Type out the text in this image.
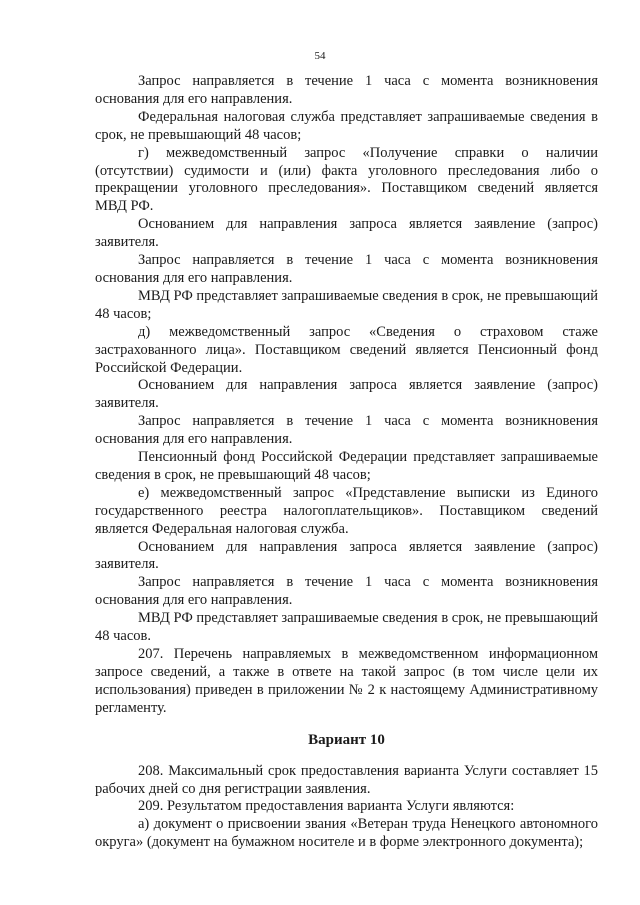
54

Запрос направляется в течение 1 часа с момента возникновения основания для его направления.

Федеральная налоговая служба представляет запрашиваемые сведения в срок, не превышающий 48 часов;

г) межведомственный запрос «Получение справки о наличии (отсутствии) судимости и (или) факта уголовного преследования либо о прекращении уголовного преследования». Поставщиком сведений является МВД РФ.

Основанием для направления запроса является заявление (запрос) заявителя.

Запрос направляется в течение 1 часа с момента возникновения основания для его направления.

МВД РФ представляет запрашиваемые сведения в срок, не превышающий 48 часов;

д) межведомственный запрос «Сведения о страховом стаже застрахованного лица». Поставщиком сведений является Пенсионный фонд Российской Федерации.

Основанием для направления запроса является заявление (запрос) заявителя.

Запрос направляется в течение 1 часа с момента возникновения основания для его направления.

Пенсионный фонд Российской Федерации представляет запрашиваемые сведения в срок, не превышающий 48 часов;

е) межведомственный запрос «Представление выписки из Единого государственного реестра налогоплательщиков». Поставщиком сведений является Федеральная налоговая служба.

Основанием для направления запроса является заявление (запрос) заявителя.

Запрос направляется в течение 1 часа с момента возникновения основания для его направления.

МВД РФ представляет запрашиваемые сведения в срок, не превышающий 48 часов.

207. Перечень направляемых в межведомственном информационном запросе сведений, а также в ответе на такой запрос (в том числе цели их использования) приведен в приложении № 2 к настоящему Административному регламенту.

Вариант 10

208. Максимальный срок предоставления варианта Услуги составляет 15 рабочих дней со дня регистрации заявления.

209. Результатом предоставления варианта Услуги являются:

а) документ о присвоении звания «Ветеран труда Ненецкого автономного округа» (документ на бумажном носителе и в форме электронного документа);
